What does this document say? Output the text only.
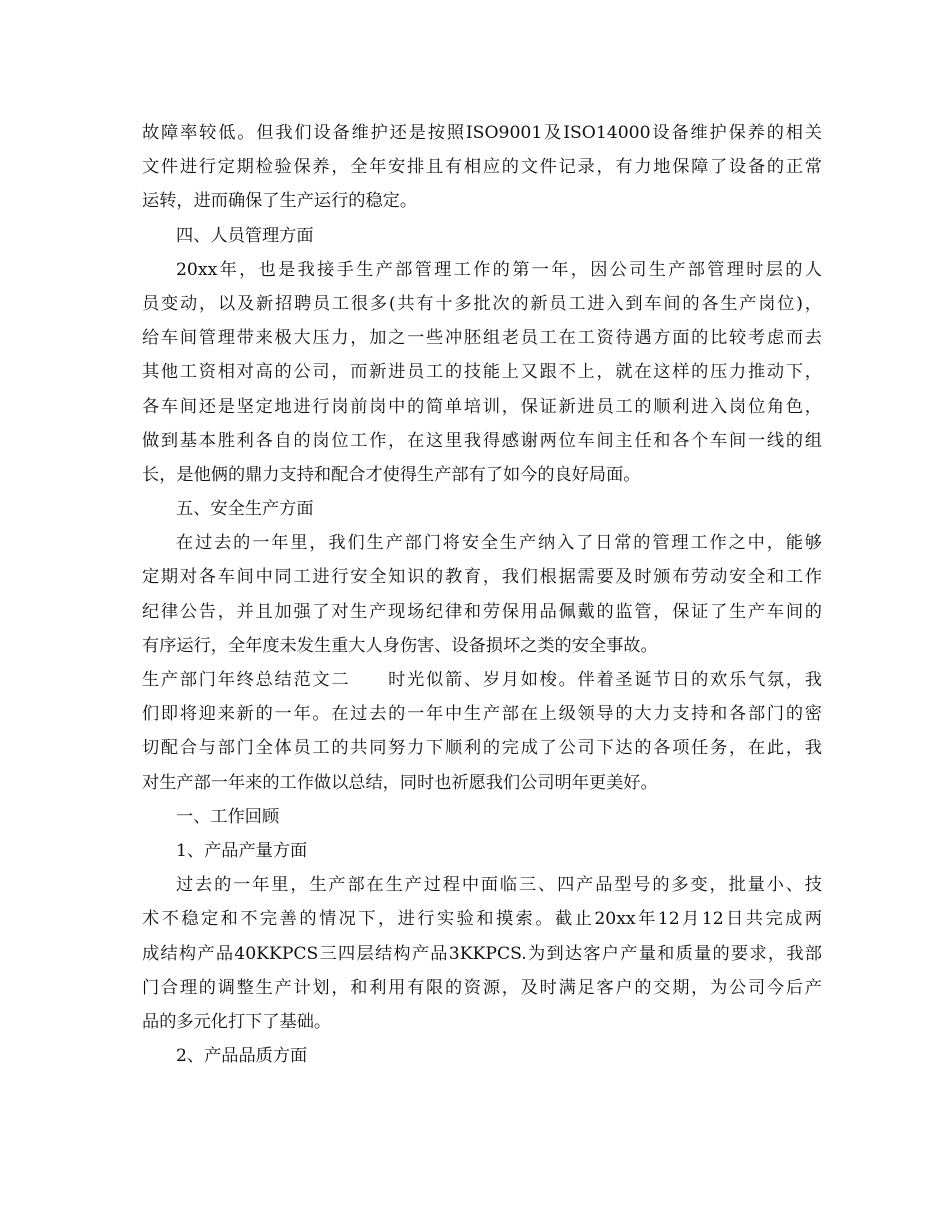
故障率较低。但我们设备维护还是按照ISO9001及ISO14000设备维护保养的相关
文件进行定期检验保养，全年安排且有相应的文件记录，有力地保障了设备的正常
运转，进而确保了生产运行的稳定。
四、人员管理方面
20xx年，也是我接手生产部管理工作的第一年，因公司生产部管理时层的人
员变动，以及新招聘员工很多(共有十多批次的新员工进入到车间的各生产岗位)，
给车间管理带来极大压力，加之一些冲胚组老员工在工资待遇方面的比较考虑而去
其他工资相对高的公司，而新进员工的技能上又跟不上，就在这样的压力推动下，
各车间还是坚定地进行岗前岗中的简单培训，保证新进员工的顺利进入岗位角色，
做到基本胜利各自的岗位工作，在这里我得感谢两位车间主任和各个车间一线的组
长，是他俩的鼎力支持和配合才使得生产部有了如今的良好局面。
五、安全生产方面
在过去的一年里，我们生产部门将安全生产纳入了日常的管理工作之中，能够
定期对各车间中同工进行安全知识的教育，我们根据需要及时颁布劳动安全和工作
纪律公告，并且加强了对生产现场纪律和劳保用品佩戴的监管，保证了生产车间的
有序运行，全年度未发生重大人身伤害、设备损坏之类的安全事故。
生产部门年终总结范文二　　时光似箭、岁月如梭。伴着圣诞节日的欢乐气氛，我
们即将迎来新的一年。在过去的一年中生产部在上级领导的大力支持和各部门的密
切配合与部门全体员工的共同努力下顺利的完成了公司下达的各项任务，在此，我
对生产部一年来的工作做以总结，同时也祈愿我们公司明年更美好。
一、工作回顾
1、产品产量方面
过去的一年里，生产部在生产过程中面临三、四产品型号的多变，批量小、技
术不稳定和不完善的情况下，进行实验和摸索。截止20xx年12月12日共完成两
成结构产品40KKPCS三四层结构产品3KKPCS.为到达客户产量和质量的要求，我部
门合理的调整生产计划，和利用有限的资源，及时满足客户的交期，为公司今后产
品的多元化打下了基础。
2、产品品质方面
